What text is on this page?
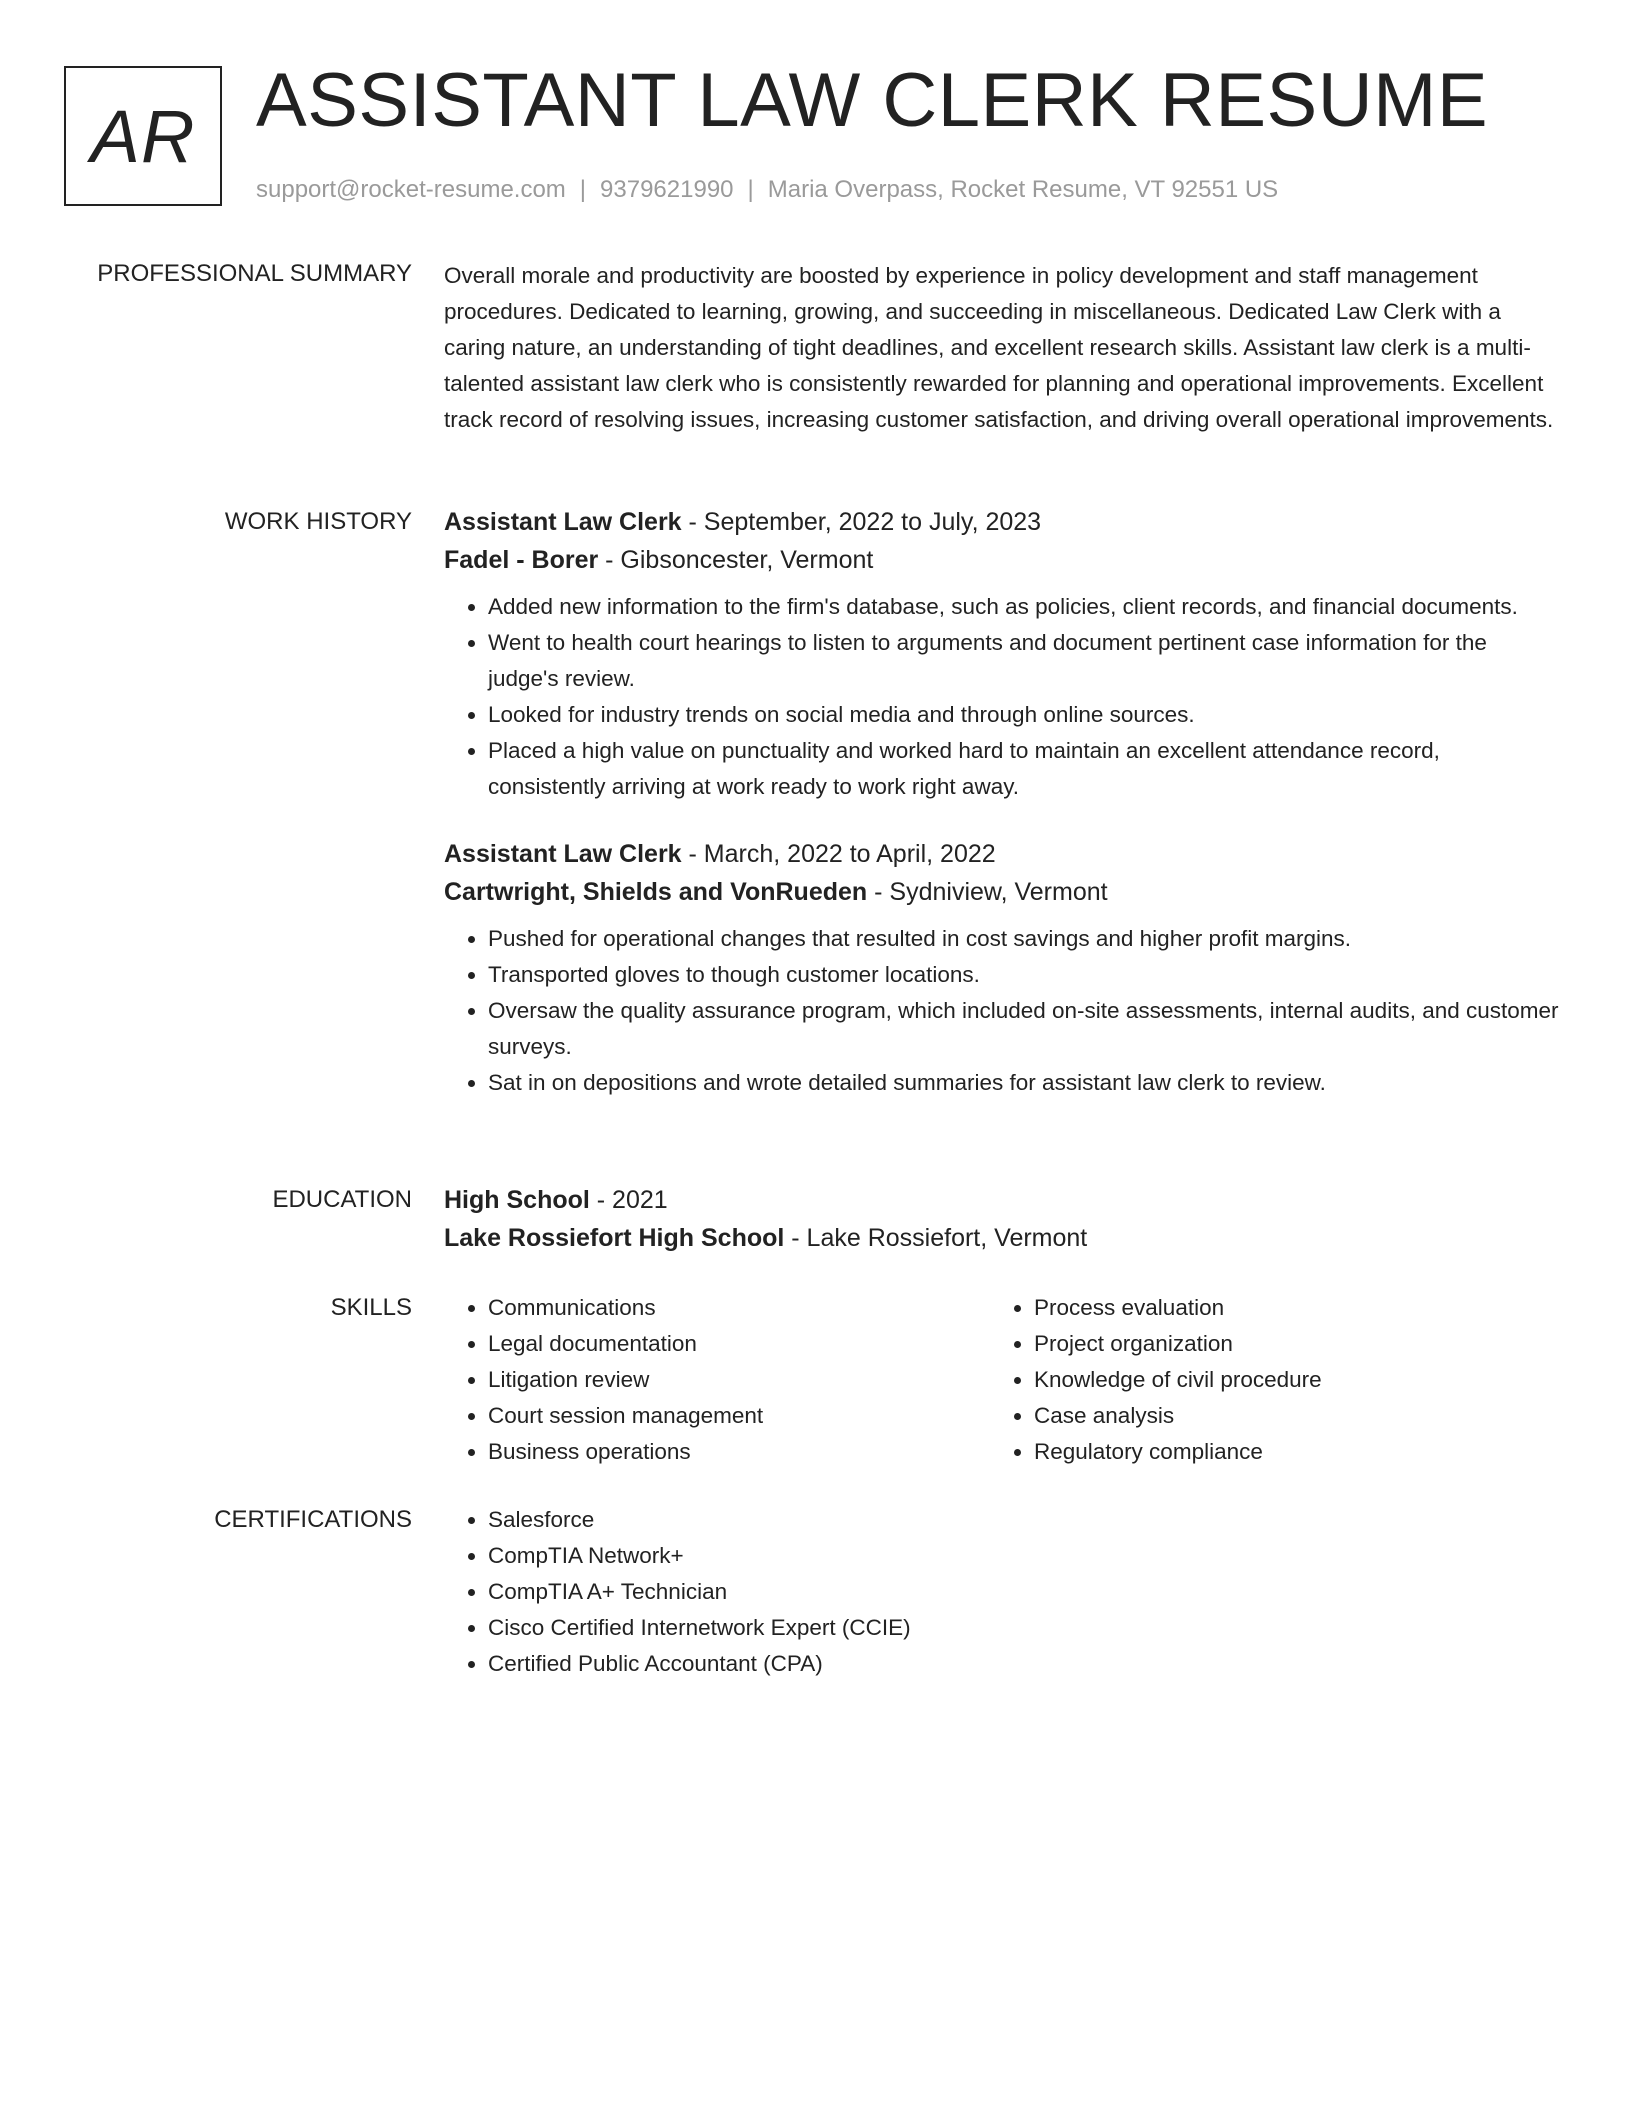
AR ASSISTANT LAW CLERK RESUME
support@rocket-resume.com | 9379621990 | Maria Overpass, Rocket Resume, VT 92551 US
PROFESSIONAL SUMMARY Overall morale and productivity are boosted by experience in policy development and staff management procedures. Dedicated to learning, growing, and succeeding in miscellaneous. Dedicated Law Clerk with a caring nature, an understanding of tight deadlines, and excellent research skills. Assistant law clerk is a multi-talented assistant law clerk who is consistently rewarded for planning and operational improvements. Excellent track record of resolving issues, increasing customer satisfaction, and driving overall operational improvements.

WORK HISTORY Assistant Law Clerk - September, 2022 to July, 2023
Fadel - Borer - Gibsoncester, Vermont
• Added new information to the firm's database, such as policies, client records, and financial documents.
• Went to health court hearings to listen to arguments and document pertinent case information for the judge's review.
• Looked for industry trends on social media and through online sources.
• Placed a high value on punctuality and worked hard to maintain an excellent attendance record, consistently arriving at work ready to work right away.
Assistant Law Clerk - March, 2022 to April, 2022
Cartwright, Shields and VonRueden - Sydniview, Vermont
• Pushed for operational changes that resulted in cost savings and higher profit margins.
• Transported gloves to though customer locations.
• Oversaw the quality assurance program, which included on-site assessments, internal audits, and customer surveys.
• Sat in on depositions and wrote detailed summaries for assistant law clerk to review.
EDUCATION High School - 2021
Lake Rossiefort High School - Lake Rossiefort, Vermont
SKILLS	• Communications
• Legal documentation
• Litigation review
• Court session management
• Business operations
• Process evaluation
• Project organization
• Knowledge of civil procedure
• Case analysis
• Regulatory compliance
CERTIFICATIONS	• Salesforce
• CompTIA Network+
• CompTIA A+ Technician
• Cisco Certified Internetwork Expert (CCIE)
• Certified Public Accountant (CPA)
